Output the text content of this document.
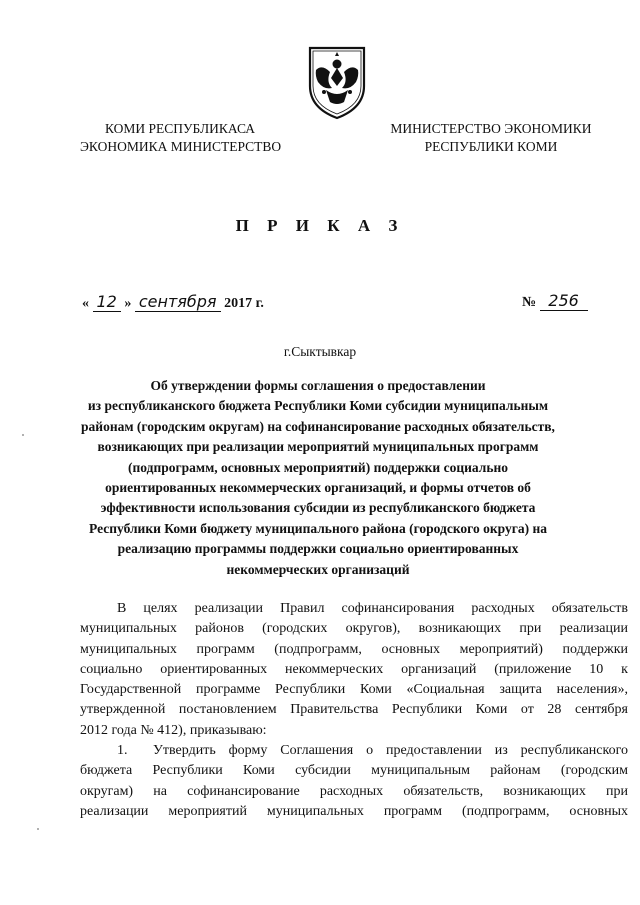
КОМИ РЕСПУБЛИКАСА
ЭКОНОМИКА МИНИСТЕРСТВО
МИНИСТЕРСТВО ЭКОНОМИКИ
РЕСПУБЛИКИ КОМИ
П Р И К А З
« 12 » сентября 2017 г.	№ 256
г.Сыктывкар
Об утверждении формы соглашения о предоставлении
из республиканского бюджета Республики Коми субсидии муниципальным
районам (городским округам) на софинансирование расходных обязательств,
возникающих при реализации мероприятий муниципальных программ
(подпрограмм, основных мероприятий) поддержки социально
ориентированных некоммерческих организаций, и формы отчетов об
эффективности использования субсидии из республиканского бюджета
Республики Коми бюджету муниципального района (городского округа) на
реализацию программы поддержки социально ориентированных
некоммерческих организаций
В целях реализации Правил софинансирования расходных обязательств
муниципальных районов (городских округов), возникающих при реализации
муниципальных программ (подпрограмм, основных мероприятий) поддержки
социально ориентированных некоммерческих организаций (приложение 10 к
Государственной программе Республики Коми «Социальная защита населения»,
утвержденной постановлением Правительства Республики Коми от 28 сентября
2012 года № 412), приказываю:
1. Утвердить форму Соглашения о предоставлении из республиканского
бюджета Республики Коми субсидии муниципальным районам (городским
округам) на софинансирование расходных обязательств, возникающих при
реализации мероприятий муниципальных программ (подпрограмм, основных
